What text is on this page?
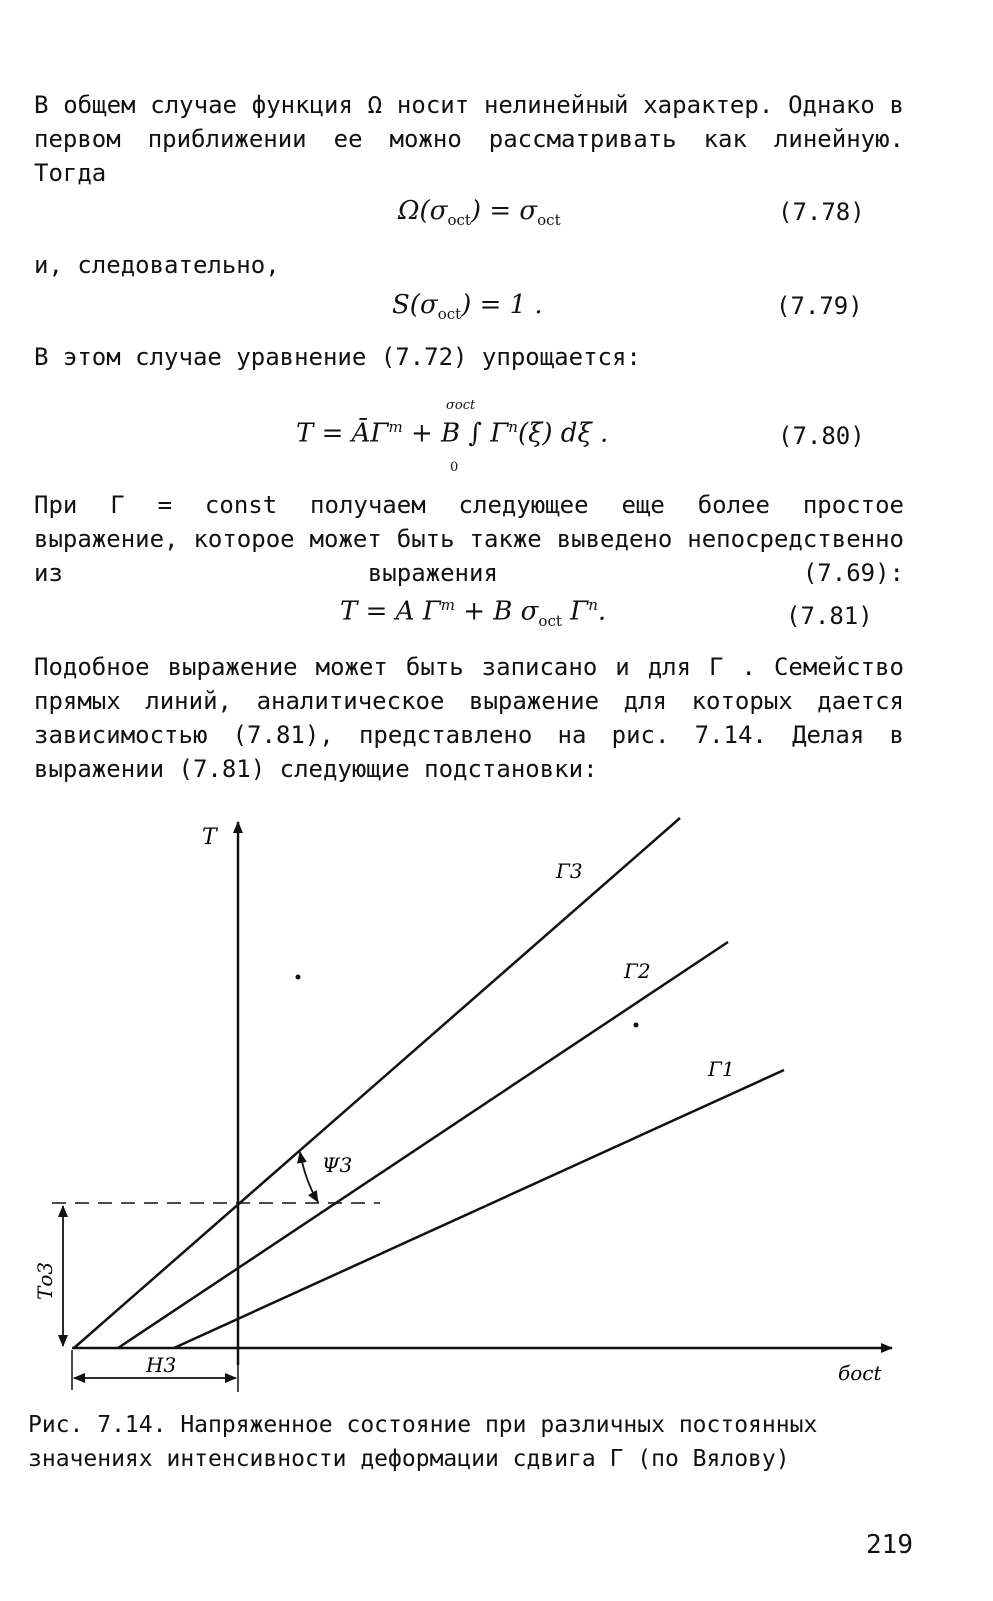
В общем случае функция Ω носит нелинейный характер. Однако в первом приближении ее можно рассматривать как линейную. Тогда

$\Omega(\sigma_{oct}) = \sigma_{oct}$	(7.78)
и, следовательно,
$S(\sigma_{oct}) = 1$ .	(7.79)
В этом случае уравнение (7.72) упрощается:
σoct
$T = Ā\Gamma^m + B$ ∫ $\Gamma^n(\xi)$ dξ .
0
(7.80)

При Γ = const получаем следующее еще более простое выражение, которое может быть также выведено непосредственно из выражения (7.69):

T = A $\Gamma^m + B$ $\sigma_{oct}$ $\Gamma^n$.	(7.81)

Подобное выражение может быть записано и для Γ . Семейство прямых линий, аналитическое выражение для которых дается зависимостью (7.81), представлено на рис. 7.14. Делая в выражении (7.81) следующие подстановки:

T
бoct
Γ3
Γ2
Γ1
Ψ3
Tо3
H3
Рис. 7.14. Напряженное состояние при различных постоянных значениях интенсивности деформации сдвига Γ (по Вялову)
219
